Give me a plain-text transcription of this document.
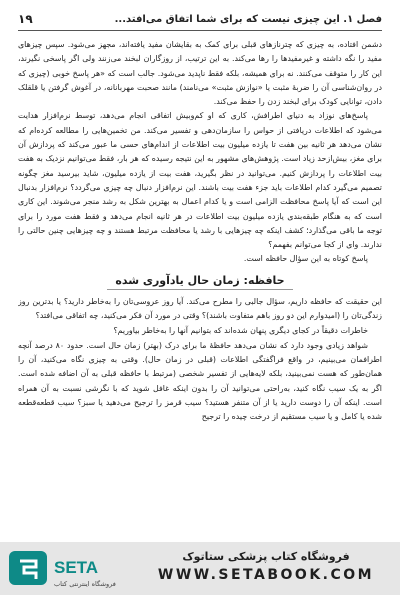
فصل ۱. این چیزی نیست که برای شما اتفاق می‌افتد...
۱۹

دشمن افتاده، به چیزی که چترنازهای قبلی برای کمک به بقایشان مفید یافته‌اند، مجهز می‌شود. سپس چیزهای مفید را نگه داشته و غیرمفیدها را رها می‌کند. به این ترتیب، از روزگاران لبخند می‌زنند ولی اگر پاسخی نگیرند، این کار را متوقف می‌کنند. نه برای همیشه، بلکه فقط ناپدید می‌شود. جالب است که «هر پاسخ خوبی (چیزی که در روان‌شناسی آن را ضربهٔ مثبت یا «نوازش مثبت» می‌نامند) مانند صحبت مهربانانه، در آغوش گرفتن یا قلقلک دادن، توانایی کودک برای لبخند زدن را حفظ می‌کند.

پاسخ‌های نوزاد به دنیای اطرافش، کاری که او کم‌وبیش اتفاقی انجام می‌دهد، توسط نرم‌افزار هدایت می‌شود که اطلاعات دریافتی از حواس را سازمان‌دهی و تفسیر می‌کند. من تخمین‌هایی را مطالعه کرده‌ام که نشان می‌دهد هر ثانیه بین هفت تا یازده میلیون بیت اطلاعات از اندام‌های حسی ما عبور می‌کند که پردازش آن برای مغز، بیش‌ازحد زیاد است. پژوهش‌های مشهور به این نتیجه رسیده که هر بار، فقط می‌توانیم نزدیک به هفت بیت اطلاعات را پردازش کنیم. می‌توانید در نظر بگیرید، هفت بیت از یازده میلیون، شاید بیرسید مغز چگونه تصمیم می‌گیرد کدام اطلاعات باید جزء هفت بیت باشند. این نرم‌افزار دنبال چه چیزی می‌گردد؟ نرم‌افزار بدنبال این است که آیا پاسخ محافظت الزامی است و یا کدام اعمال به بهترین شکل به رشد منجر می‌شوند. این کاری است که به هنگام طبقه‌بندی یازده میلیون بیت اطلاعات در هر ثانیه انجام می‌دهد و فقط هفت مورد را برای توجه ما باقی می‌گذارد؛ کشف اینکه چه چیزهایی با رشد یا محافظت مرتبط هستند و چه چیزهایی چنین حالتی را ندارند. وای از کجا می‌توانم بفهمم؟

پاسخ کوتاه به این سؤال حافظه است.

حافظه: زمان حال یادآوری شده

این حقیقت که حافظه داریم، سؤال جالبی را مطرح می‌کند. آیا روز عروسی‌تان را به‌خاطر دارید؟ یا بدترین روز زندگی‌تان را (امیدوارم این دو روز باهم متفاوت باشند)؟ وقتی در مورد آن فکر می‌کنید، چه اتفاقی می‌افتد؟

خاطرات دقیقاً در کجای دیگری پنهان شده‌اند که بتوانیم آنها را به‌خاطر بیاوریم؟

شواهد زیادی وجود دارد که نشان می‌دهد حافظهٔ ما برای درک (بهتر) زمان حال است. حدود ۸۰ درصد آنچه اطرافمان می‌بینیم، در واقع فراگفتگی اطلاعات (قبلی در زمان حال). وقتی به چیزی نگاه می‌کنید، آن را همان‌طور که هست نمی‌بینید، بلکه لایه‌هایی از تفسیر شخصی (مرتبط با حافظه قبلی به آن اضافه شده است. اگر به یک سیب نگاه کنید، به‌راحتی می‌توانید آن را بدون اینکه غافل شوید که با نگرشی نسبت به آن همراه است. اینکه آن را دوست دارید یا از آن متنفر هستید؟ سیب قرمز را ترجیح می‌دهید یا سبز؟ سیب قطعه‌قطعه شده یا کامل و یا سیب مستقیم از درخت چیده را ترجیح

SETA
فروشگاه اینترنتی کتاب
فروشگاه کتاب پزشکی ستاتوک
WWW.SETABOOK.COM
